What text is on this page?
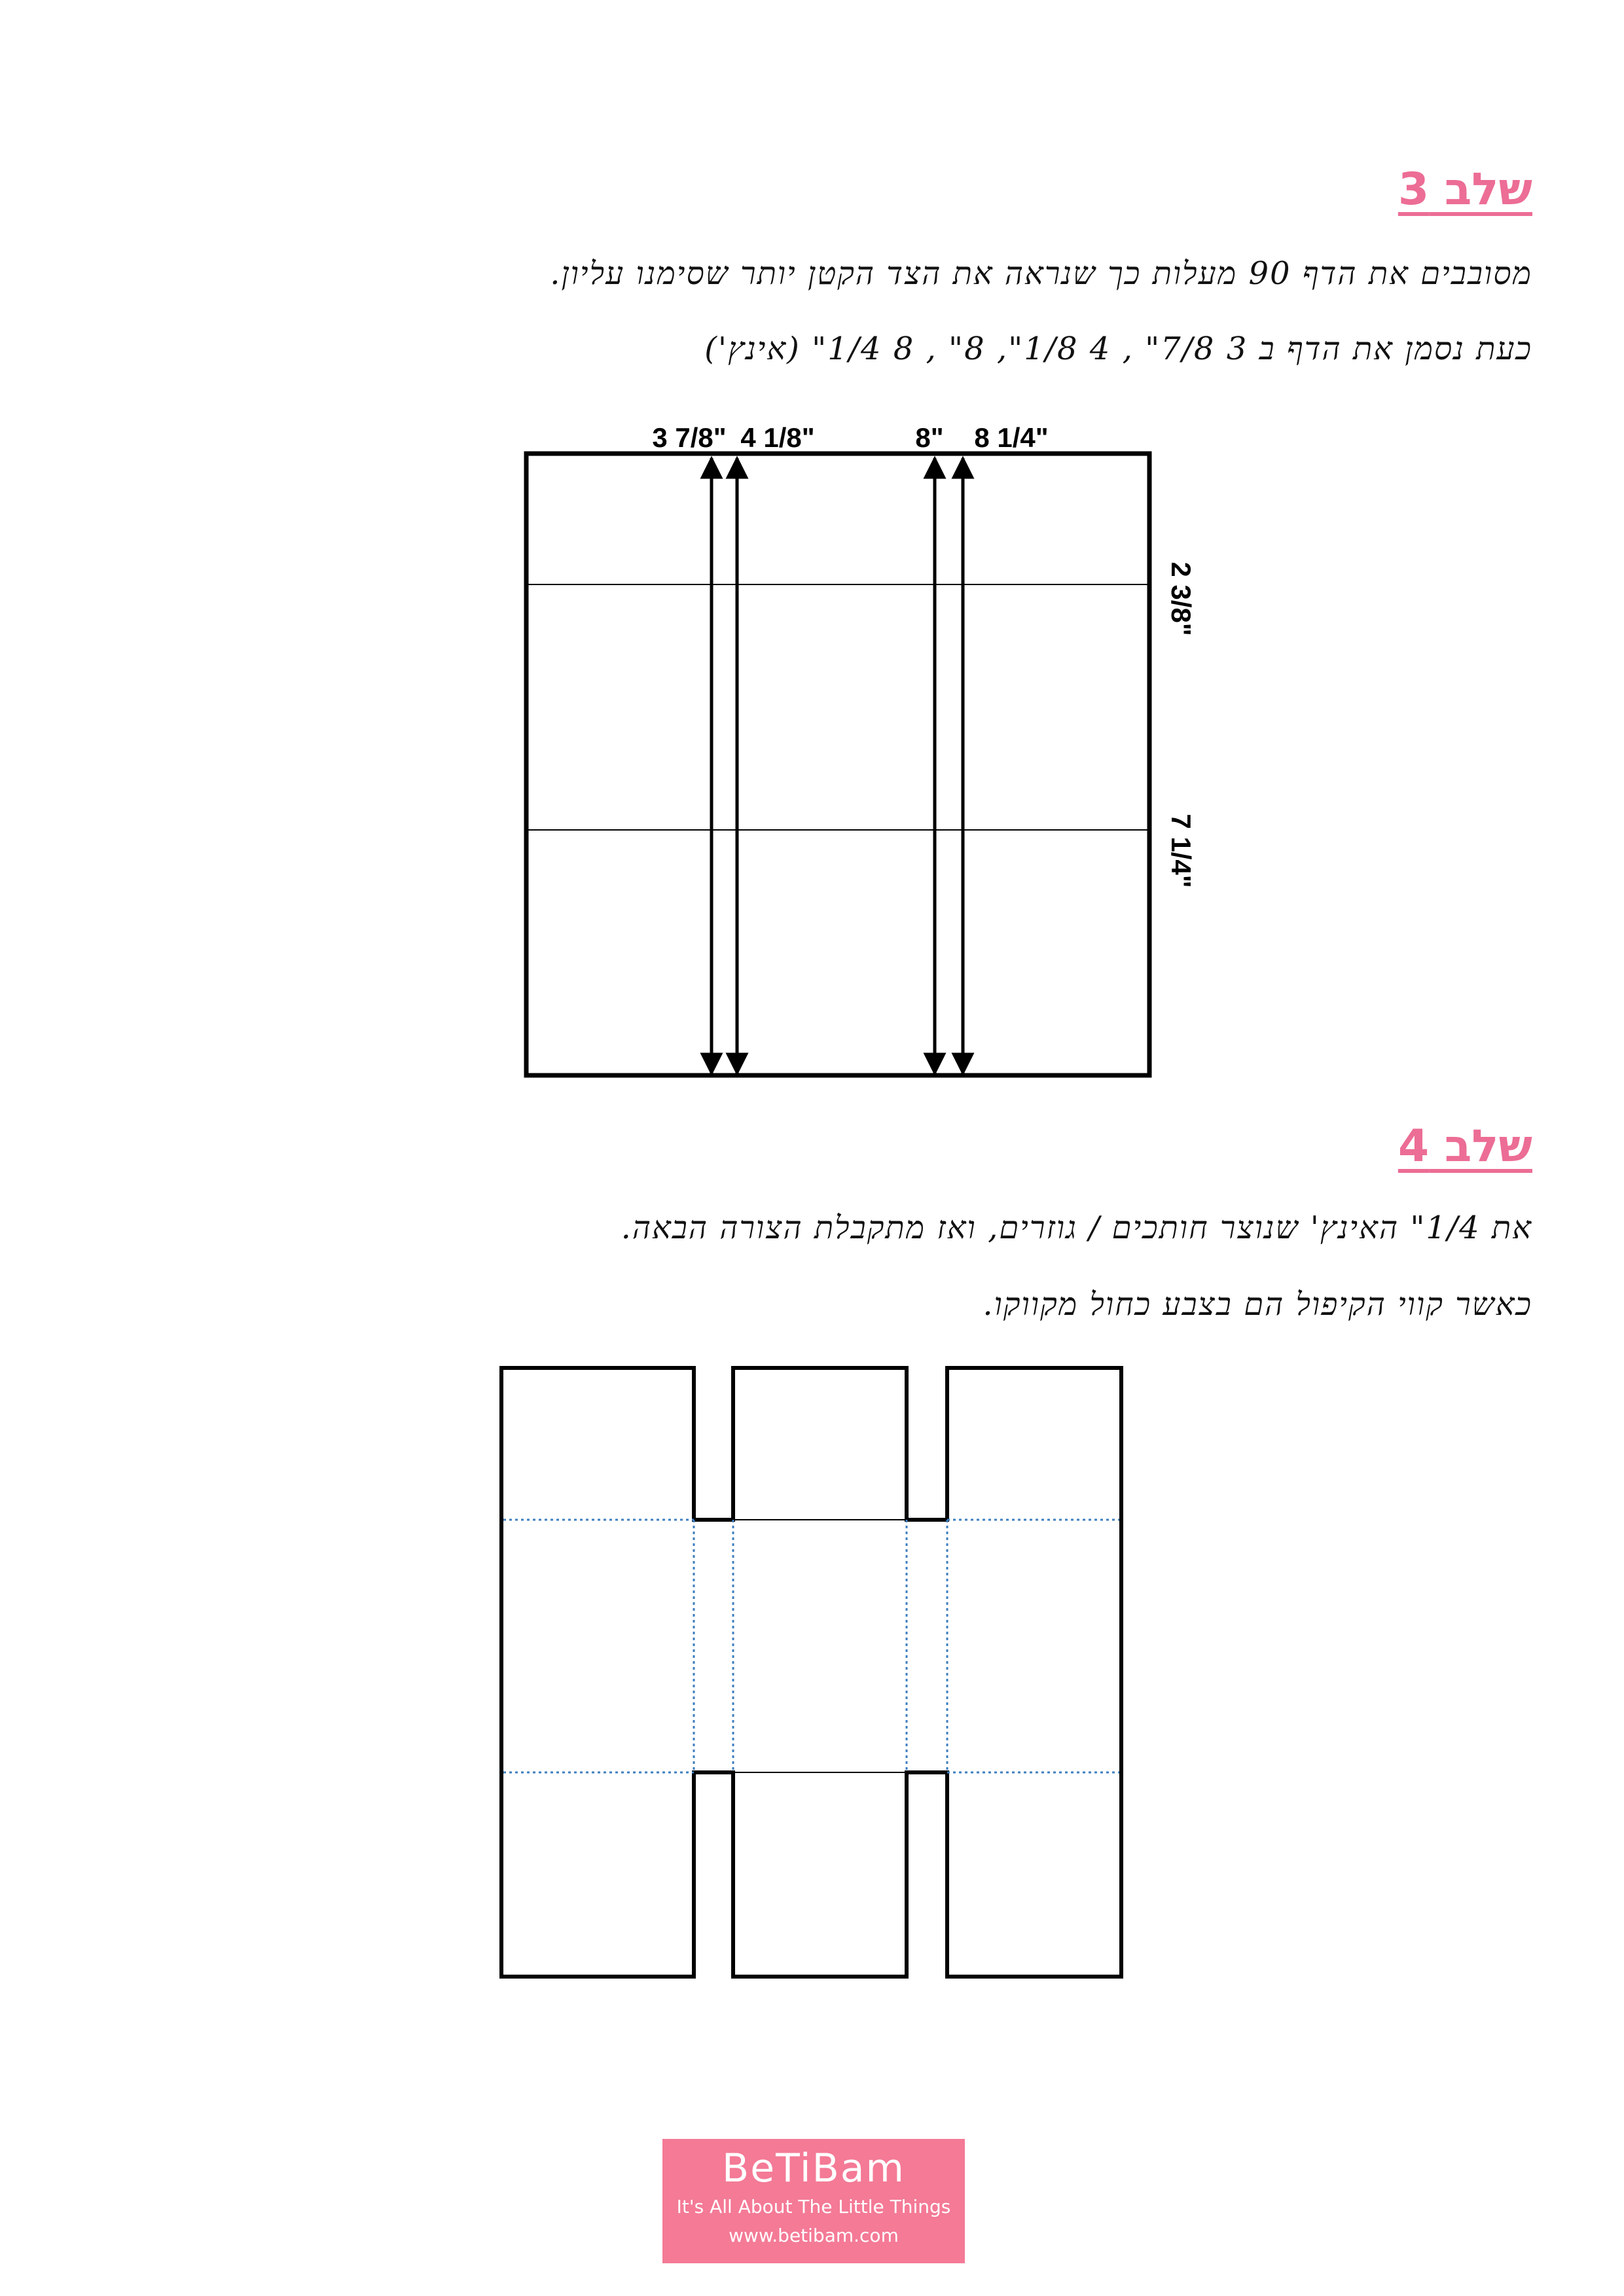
שלב 3

מסובבים את הדף 90 מעלות כך שנראה את הצד הקטן יותר שסימנו עליון.

כעת נסמן את הדף ב 3 7/8" , 4 1/8", 8" , 8 1/4" (אינץ')

3 7/8" 4 1/8"	8" 8 1/4"
2 3/8"
7 1/4"
שלב 4

את 1/4" האינץ' שנוצר חותכים / גוזרים, ואז מתקבלת הצורה הבאה.

כאשר קווי הקיפול הם בצבע כחול מקווקו.

BeTiBam
It's All About The Little Things
www.betibam.com
